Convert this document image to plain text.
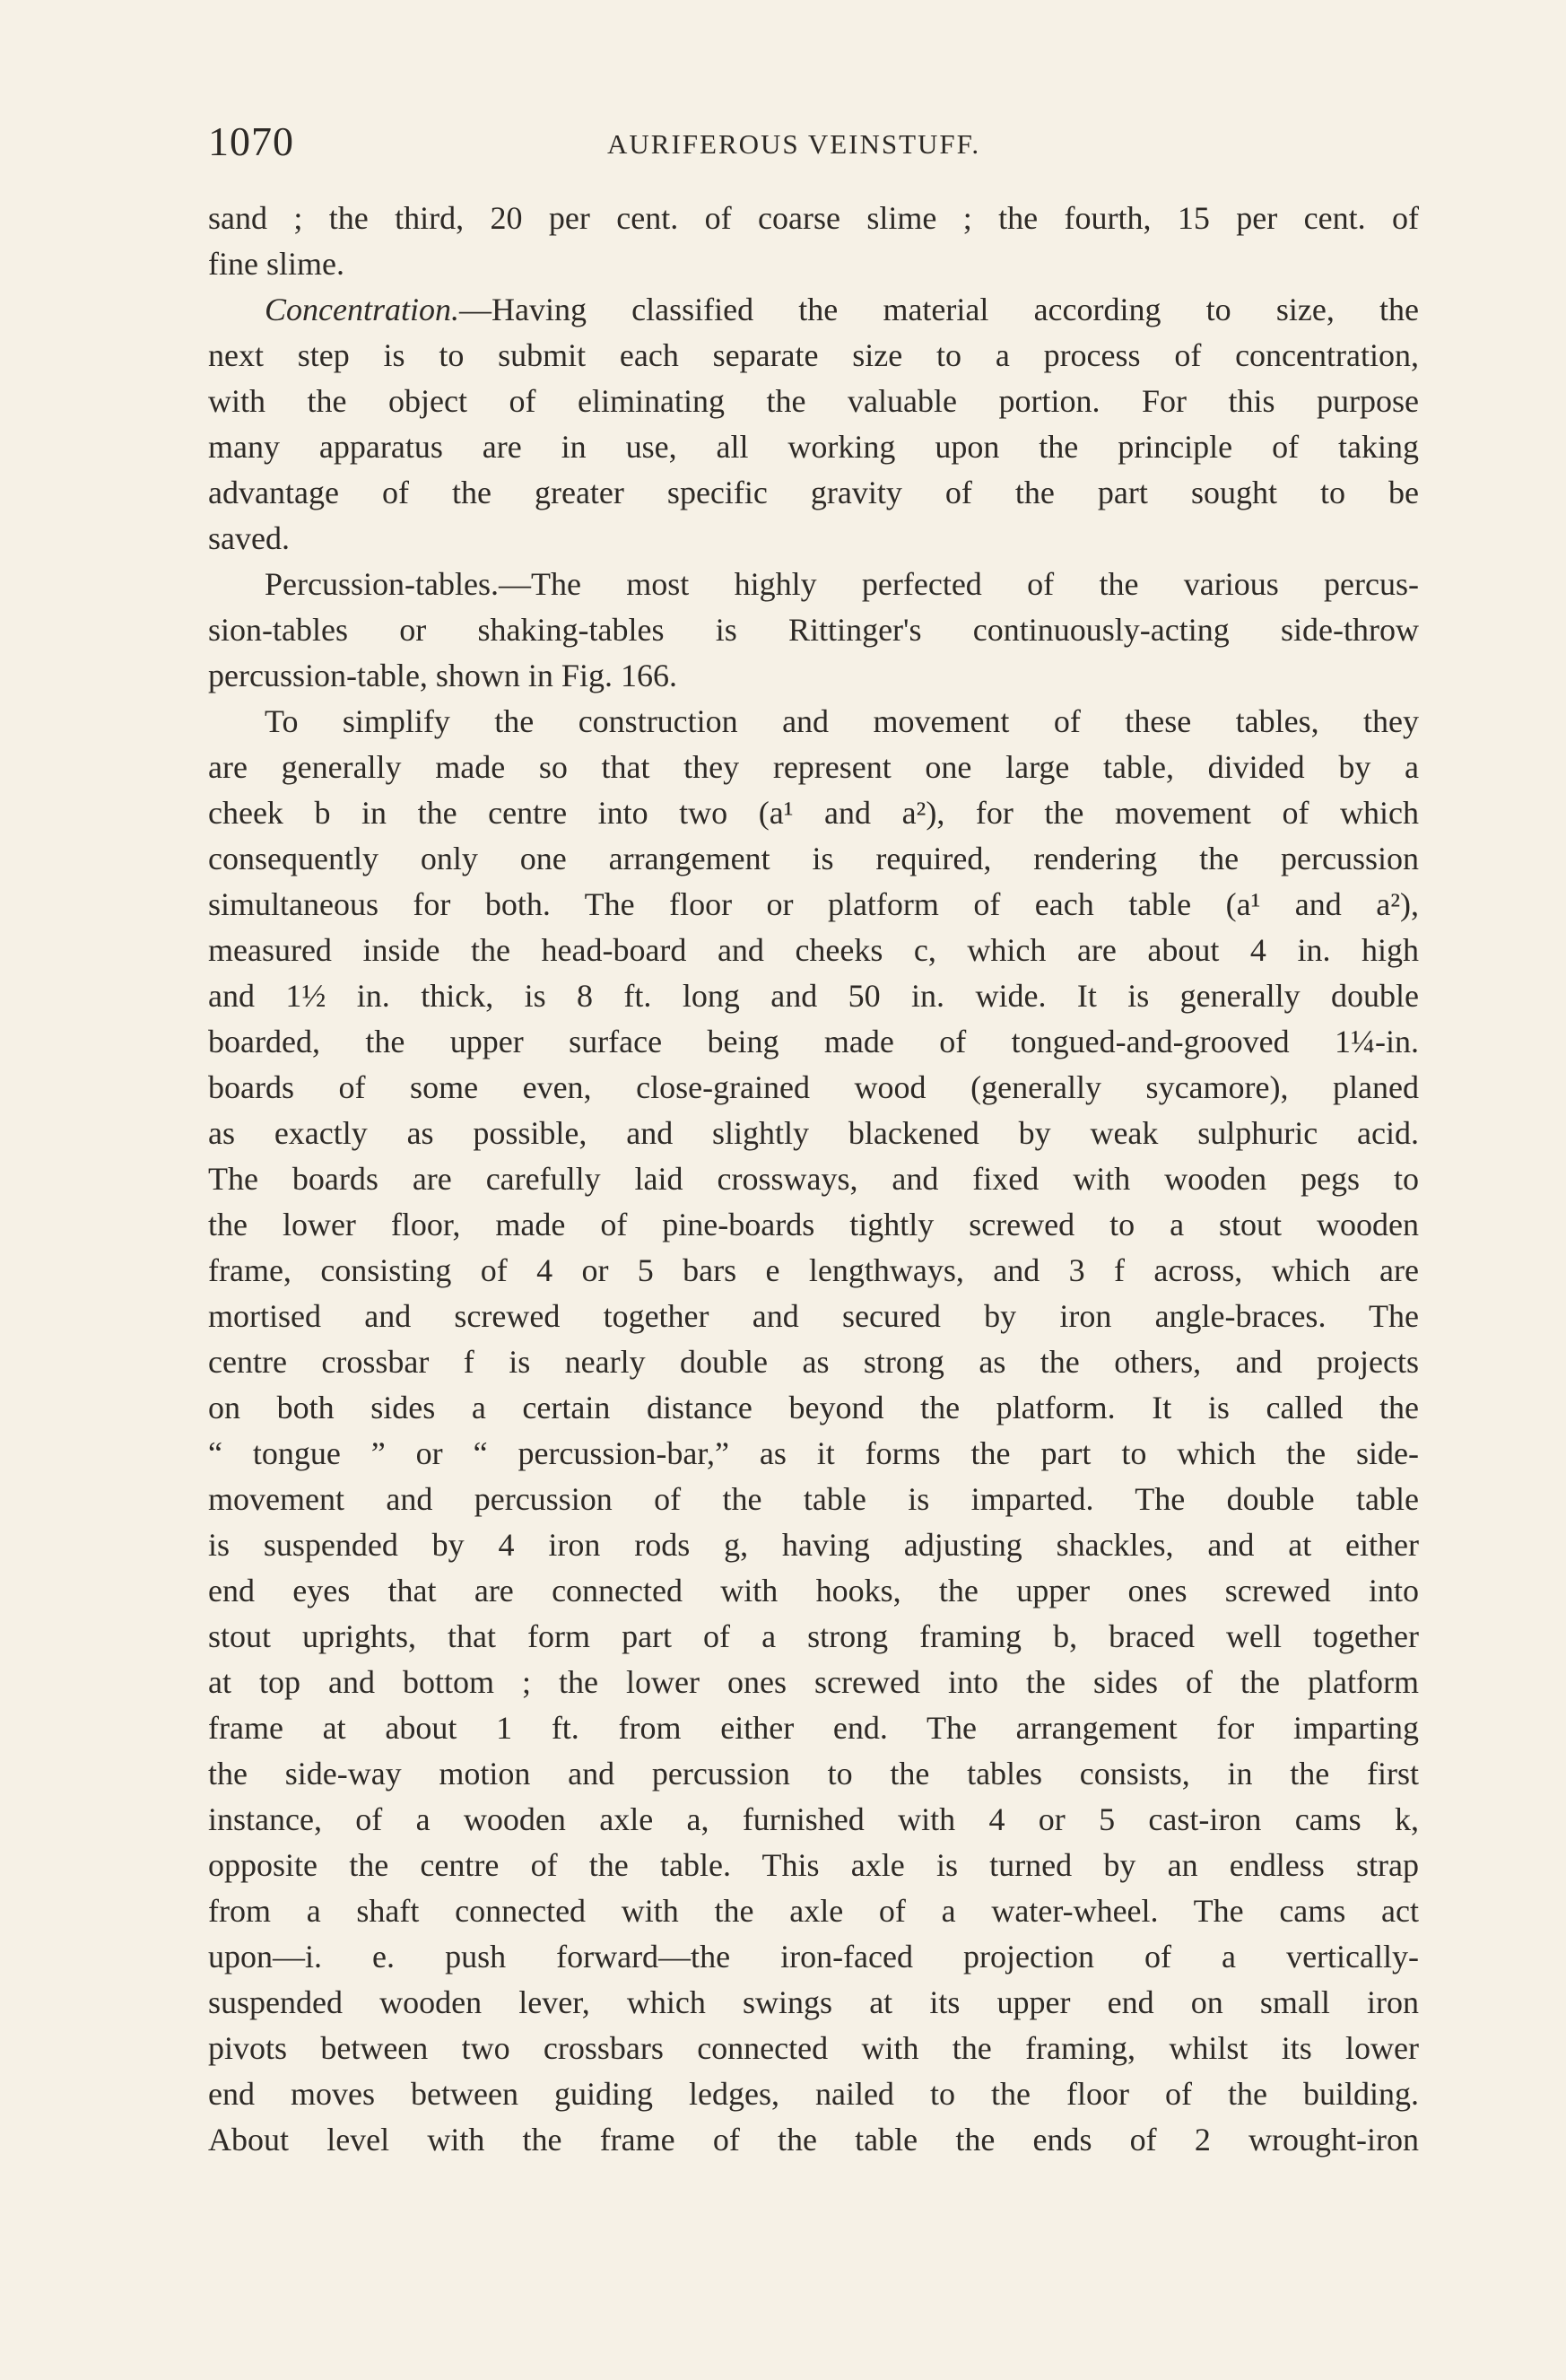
1070	AURIFEROUS VEINSTUFF.
sand ; the third, 20 per cent. of coarse slime ; the fourth, 15 per cent. of
fine slime.
Concentration.—Having classified the material according to size, the
next step is to submit each separate size to a process of concentration,
with the object of eliminating the valuable portion. For this purpose
many apparatus are in use, all working upon the principle of taking
advantage of the greater specific gravity of the part sought to be
saved.
Percussion-tables.—The most highly perfected of the various percus-
sion-tables or shaking-tables is Rittinger's continuously-acting side-throw
percussion-table, shown in Fig. 166.
To simplify the construction and movement of these tables, they
are generally made so that they represent one large table, divided by a
cheek b in the centre into two (a¹ and a²), for the movement of which
consequently only one arrangement is required, rendering the percussion
simultaneous for both. The floor or platform of each table (a¹ and a²),
measured inside the head-board and cheeks c, which are about 4 in. high
and 1½ in. thick, is 8 ft. long and 50 in. wide. It is generally double
boarded, the upper surface being made of tongued-and-grooved 1¼-in.
boards of some even, close-grained wood (generally sycamore), planed
as exactly as possible, and slightly blackened by weak sulphuric acid.
The boards are carefully laid crossways, and fixed with wooden pegs to
the lower floor, made of pine-boards tightly screwed to a stout wooden
frame, consisting of 4 or 5 bars e lengthways, and 3 f across, which are
mortised and screwed together and secured by iron angle-braces. The
centre crossbar f is nearly double as strong as the others, and projects
on both sides a certain distance beyond the platform. It is called the
“ tongue ” or “ percussion-bar,” as it forms the part to which the side-
movement and percussion of the table is imparted. The double table
is suspended by 4 iron rods g, having adjusting shackles, and at either
end eyes that are connected with hooks, the upper ones screwed into
stout uprights, that form part of a strong framing b, braced well together
at top and bottom ; the lower ones screwed into the sides of the platform
frame at about 1 ft. from either end. The arrangement for imparting
the side-way motion and percussion to the tables consists, in the first
instance, of a wooden axle a, furnished with 4 or 5 cast-iron cams k,
opposite the centre of the table. This axle is turned by an endless strap
from a shaft connected with the axle of a water-wheel. The cams act
upon—i. e. push forward—the iron-faced projection of a vertically-
suspended wooden lever, which swings at its upper end on small iron
pivots between two crossbars connected with the framing, whilst its lower
end moves between guiding ledges, nailed to the floor of the building.
About level with the frame of the table the ends of 2 wrought-iron
